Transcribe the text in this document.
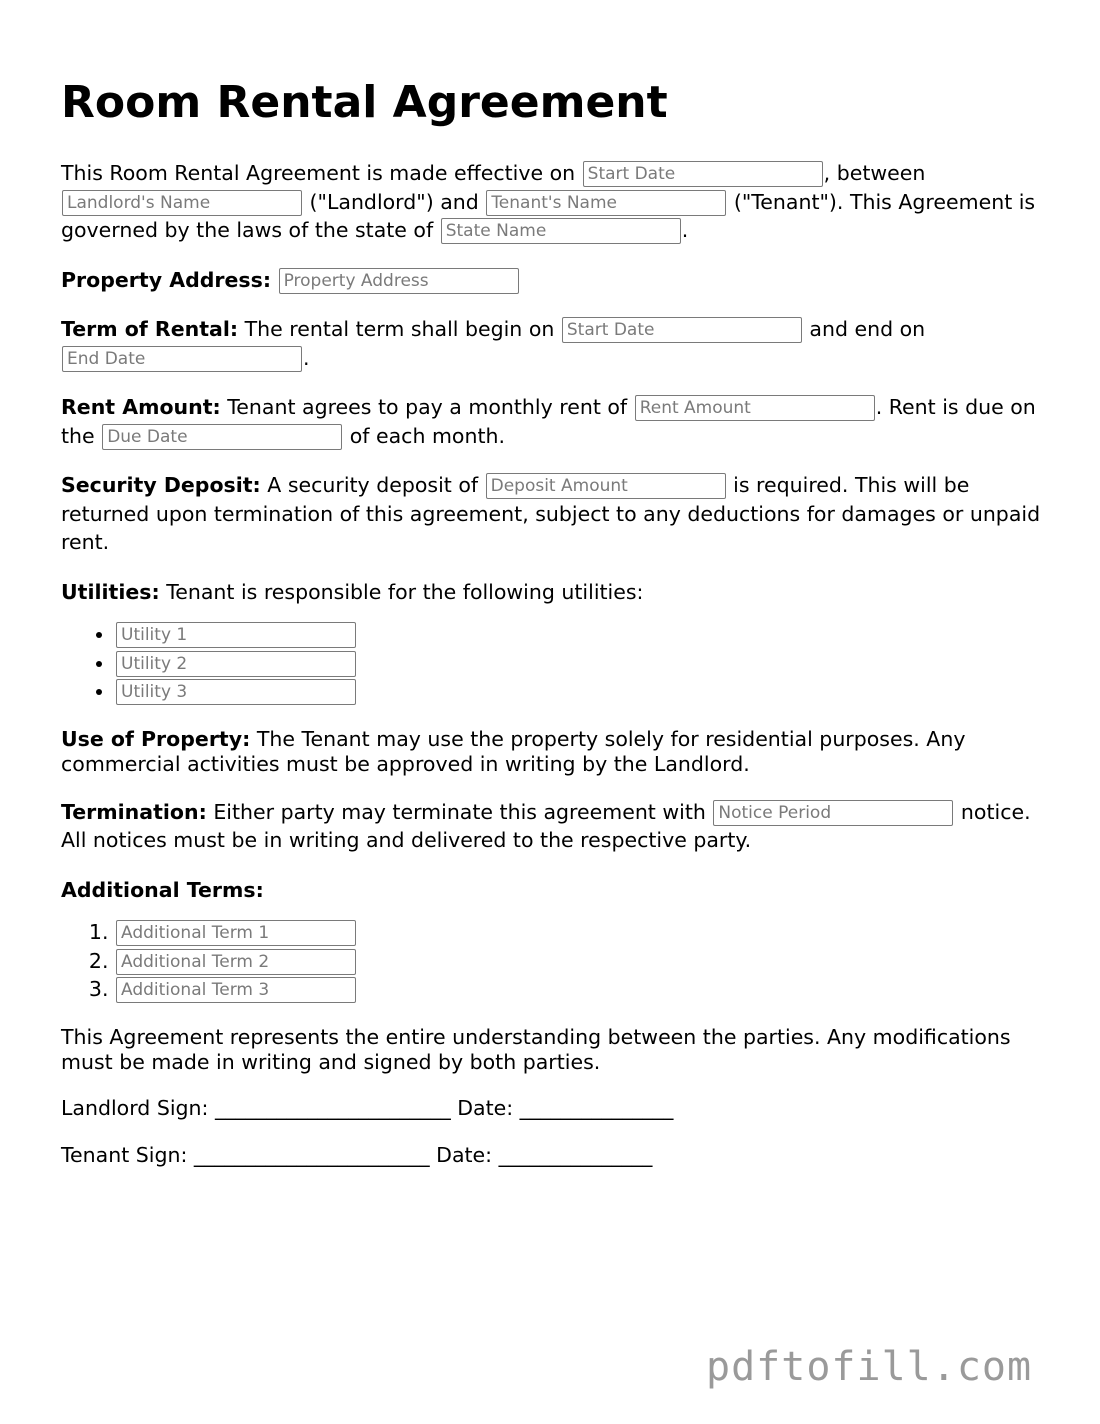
Room Rental Agreement

This Room Rental Agreement is made effective on Start Date	, between Landlord's Name ("Landlord") and Tenant's Name	("Tenant"). This Agreement is governed by the laws of the state of State Name	.

Property Address: Property Address

Term of Rental: The rental term shall begin on Start Date	and end on End Date.

Rent Amount: Tenant agrees to pay a monthly rent of Rent Amount	. Rent is due on the Due Date	of each month.

Security Deposit: A security deposit of Deposit Amount	is required. This will be returned upon termination of this agreement, subject to any deductions for damages or unpaid rent.

Utilities: Tenant is responsible for the following utilities:

• Utility 1
• Utility 2
• Utility 3

Use of Property: The Tenant may use the property solely for residential purposes. Any commercial activities must be approved in writing by the Landlord.

Termination: Either party may terminate this agreement with Notice Period	notice. All notices must be in writing and delivered to the respective party.

Additional Terms:

1. Additional Term 1
2. Additional Term 2
3. Additional Term 3

This Agreement represents the entire understanding between the parties. Any modifications must be made in writing and signed by both parties.

Landlord Sign: _______________________ Date: _______________

Tenant Sign: _______________________ Date: _______________

pdftofill.com
